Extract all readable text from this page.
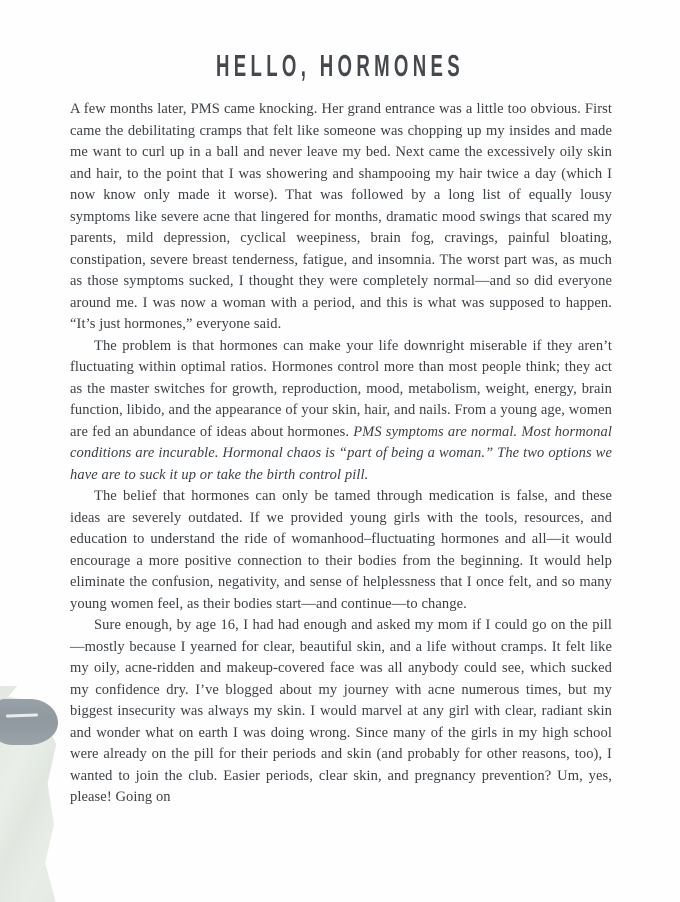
HELLO, HORMONES

A few months later, PMS came knocking. Her grand entrance was a little too obvious. First came the debilitating cramps that felt like someone was chopping up my insides and made me want to curl up in a ball and never leave my bed. Next came the excessively oily skin and hair, to the point that I was showering and shampooing my hair twice a day (which I now know only made it worse). That was followed by a long list of equally lousy symptoms like severe acne that lingered for months, dramatic mood swings that scared my parents, mild depression, cyclical weepiness, brain fog, cravings, painful bloating, constipation, severe breast tenderness, fatigue, and insomnia. The worst part was, as much as those symptoms sucked, I thought they were completely normal—and so did everyone around me. I was now a woman with a period, and this is what was supposed to happen. “It’s just hormones,” everyone said.

The problem is that hormones can make your life downright miserable if they aren’t fluctuating within optimal ratios. Hormones control more than most people think; they act as the master switches for growth, reproduction, mood, metabolism, weight, energy, brain function, libido, and the appearance of your skin, hair, and nails. From a young age, women are fed an abundance of ideas about hormones. PMS symptoms are normal. Most hormonal conditions are incurable. Hormonal chaos is “part of being a woman.” The two options we have are to suck it up or take the birth control pill.

The belief that hormones can only be tamed through medication is false, and these ideas are severely outdated. If we provided young girls with the tools, resources, and education to understand the ride of womanhood–fluctuating hormones and all—it would encourage a more positive connection to their bodies from the beginning. It would help eliminate the confusion, negativity, and sense of helplessness that I once felt, and so many young women feel, as their bodies start—and continue—to change.

Sure enough, by age 16, I had had enough and asked my mom if I could go on the pill—mostly because I yearned for clear, beautiful skin, and a life without cramps. It felt like my oily, acne-ridden and makeup-covered face was all anybody could see, which sucked my confidence dry. I’ve blogged about my journey with acne numerous times, but my biggest insecurity was always my skin. I would marvel at any girl with clear, radiant skin and wonder what on earth I was doing wrong. Since many of the girls in my high school were already on the pill for their periods and skin (and probably for other reasons, too), I wanted to join the club. Easier periods, clear skin, and pregnancy prevention? Um, yes, please! Going on
